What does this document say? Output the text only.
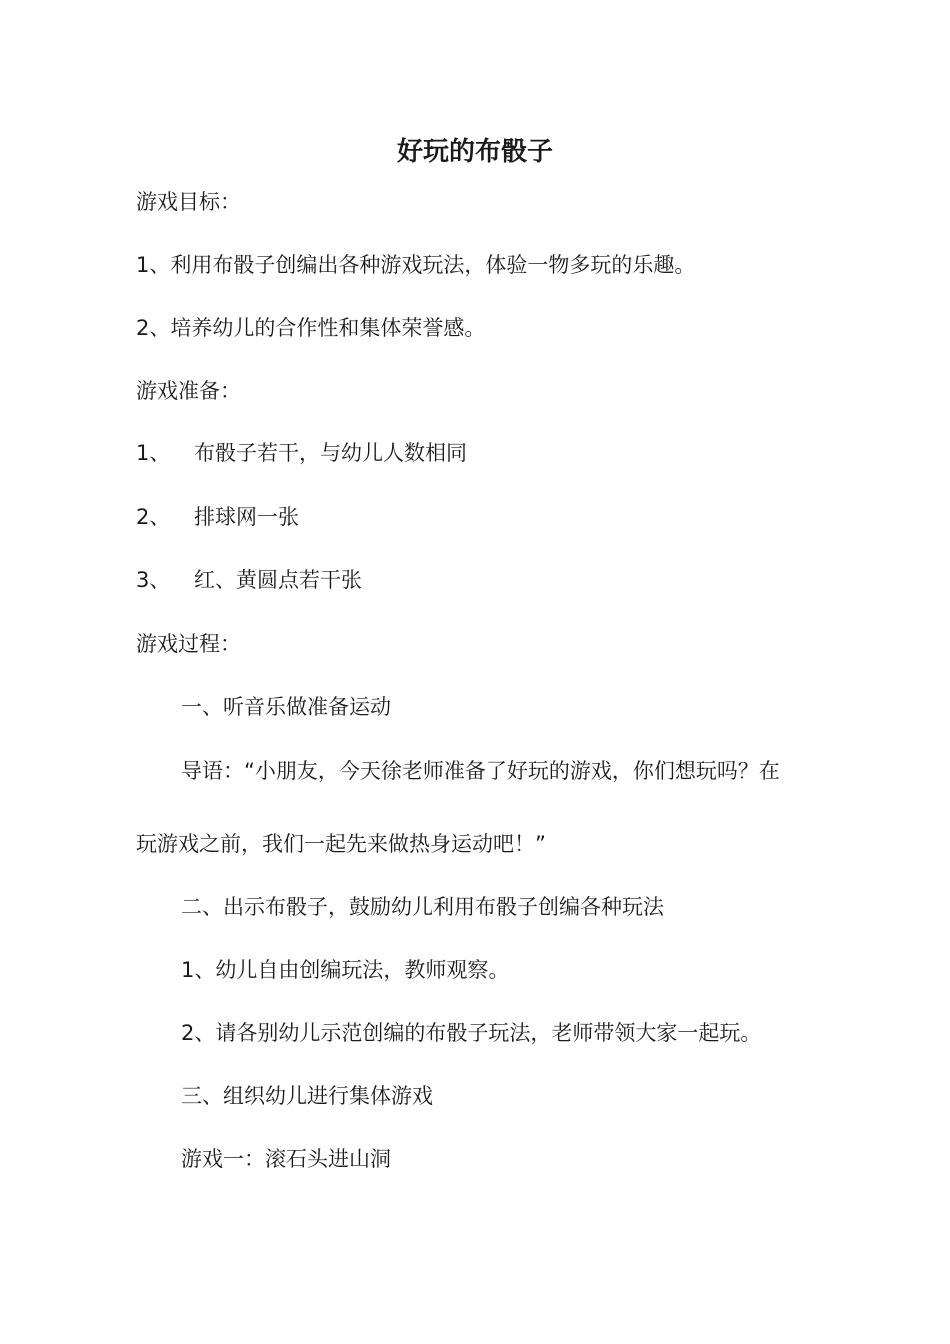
好玩的布骰子

游戏目标：

1、利用布骰子创编出各种游戏玩法，体验一物多玩的乐趣。

2、培养幼儿的合作性和集体荣誉感。

游戏准备：

1、 布骰子若干，与幼儿人数相同

2、 排球网一张

3、 红、黄圆点若干张

游戏过程：

一、听音乐做准备运动

导语：“小朋友，今天徐老师准备了好玩的游戏，你们想玩吗？在

玩游戏之前，我们一起先来做热身运动吧！”

二、出示布骰子，鼓励幼儿利用布骰子创编各种玩法

1、幼儿自由创编玩法，教师观察。

2、请各别幼儿示范创编的布骰子玩法，老师带领大家一起玩。

三、组织幼儿进行集体游戏

游戏一：滚石头进山洞
